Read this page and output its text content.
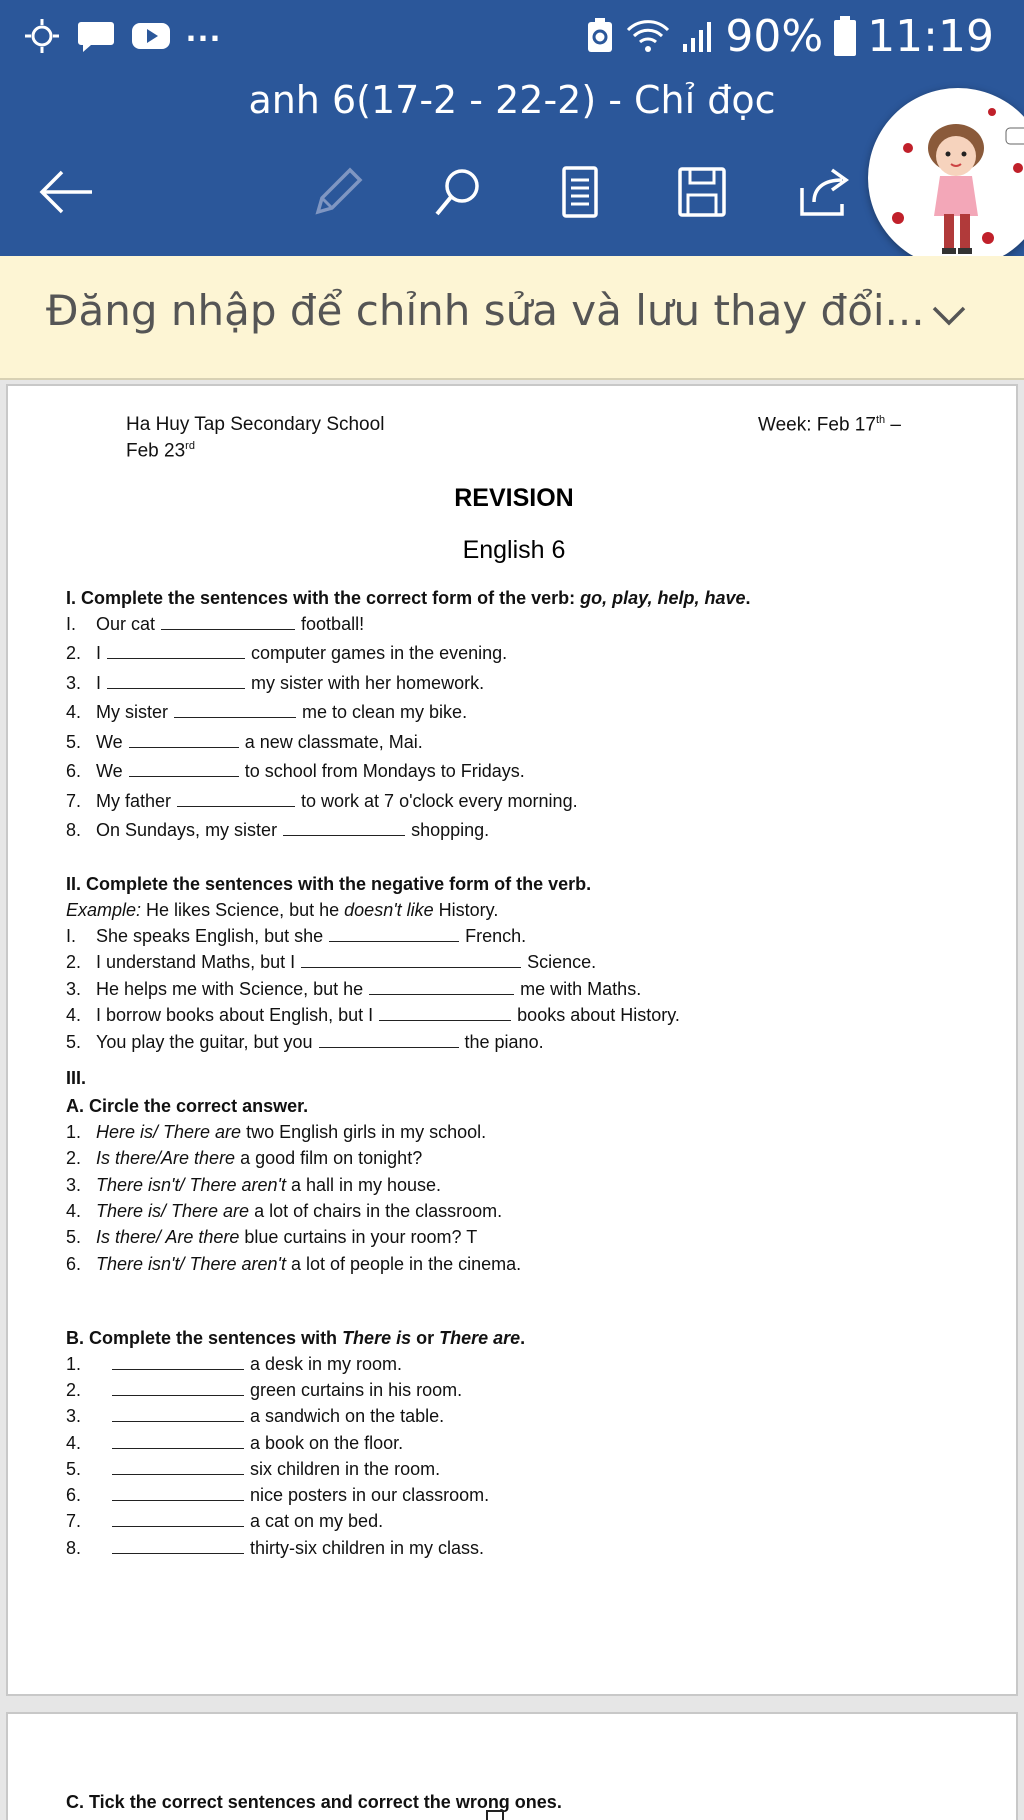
...	90% 11:19
anh 6(17-2 - 22-2) - Chỉ đọc
Đăng nhập để chỉnh sửa và lưu thay đổi...
Ha Huy Tap Secondary School	Week: Feb 17th –
Feb 23rd
REVISION
English 6
I. Complete the sentences with the correct form of the verb: go, play, help, have.
I. Our cat	football!
2. I	computer games in the evening.
3. I	my sister with her homework.
4. My sister	me to clean my bike.
5. We	a new classmate, Mai.
6. We	to school from Mondays to Fridays.
7. My father	to work at 7 o'clock every morning.
8. On Sundays, my sister	shopping.
II. Complete the sentences with the negative form of the verb.
Example: He likes Science, but he doesn't like History.
I. She speaks English, but she	French.
2. I understand Maths, but I	Science.
3. He helps me with Science, but he	me with Maths.
4. I borrow books about English, but I	books about History.
5. You play the guitar, but you	the piano.
III.
A. Circle the correct answer.
1. Here is/ There are two English girls in my school.
2. Is there/Are there a good film on tonight?
3. There isn't/ There aren't a hall in my house.
4. There is/ There are a lot of chairs in the classroom.
5. Is there/ Are there blue curtains in your room? T
6. There isn't/ There aren't a lot of people in the cinema.
B. Complete the sentences with There is or There are.
1.	a desk in my room.
2.	green curtains in his room.
3.	a sandwich on the table.
4.	a book on the floor.
5.	six children in the room.
6.	nice posters in our classroom.
7.	a cat on my bed.
8.	thirty-six children in my class.
C. Tick the correct sentences and correct the wrong ones.
